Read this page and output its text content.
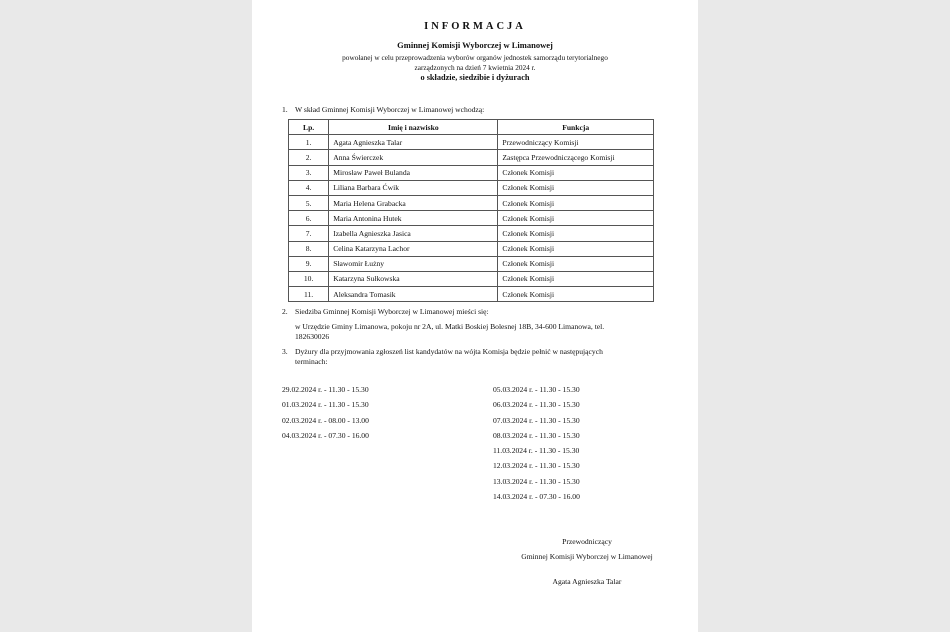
INFORMACJA
Gminnej Komisji Wyborczej w Limanowej
powołanej w celu przeprowadzenia wyborów organów jednostek samorządu terytorialnego
zarządzonych na dzień 7 kwietnia 2024 r.
o składzie, siedzibie i dyżurach
1. W skład Gminnej Komisji Wyborczej w Limanowej wchodzą:
Lp.	Imię i nazwisko	Funkcja
1.	Agata Agnieszka Talar	Przewodniczący Komisji
2.	Anna Świerczek	Zastępca Przewodniczącego Komisji
3.	Mirosław Paweł Bulanda	Członek Komisji
4.	Liliana Barbara Ćwik	Członek Komisji
5.	Maria Helena Grabacka	Członek Komisji
6.	Maria Antonina Hutek	Członek Komisji
7.	Izabella Agnieszka Jasica	Członek Komisji
8.	Celina Katarzyna Lachor	Członek Komisji
9.	Sławomir Łużny	Członek Komisji
10.	Katarzyna Sułkowska	Członek Komisji
11.	Aleksandra Tomasik	Członek Komisji
2. Siedziba Gminnej Komisji Wyborczej w Limanowej mieści się:
w Urzędzie Gminy Limanowa, pokoju nr 2A, ul. Matki Boskiej Bolesnej 18B, 34-600 Limanowa, tel.
182630026
3. Dyżury dla przyjmowania zgłoszeń list kandydatów na wójta Komisja będzie pełnić w następujących
terminach:
29.02.2024 r. - 11.30 - 15.30
01.03.2024 r. - 11.30 - 15.30
02.03.2024 r. - 08.00 - 13.00
04.03.2024 r. - 07.30 - 16.00
05.03.2024 r. - 11.30 - 15.30
06.03.2024 r. - 11.30 - 15.30
07.03.2024 r. - 11.30 - 15.30
08.03.2024 r. - 11.30 - 15.30
11.03.2024 r. - 11.30 - 15.30
12.03.2024 r. - 11.30 - 15.30
13.03.2024 r. - 11.30 - 15.30
14.03.2024 r. - 07.30 - 16.00
Przewodniczący
Gminnej Komisji Wyborczej w Limanowej
Agata Agnieszka Talar
